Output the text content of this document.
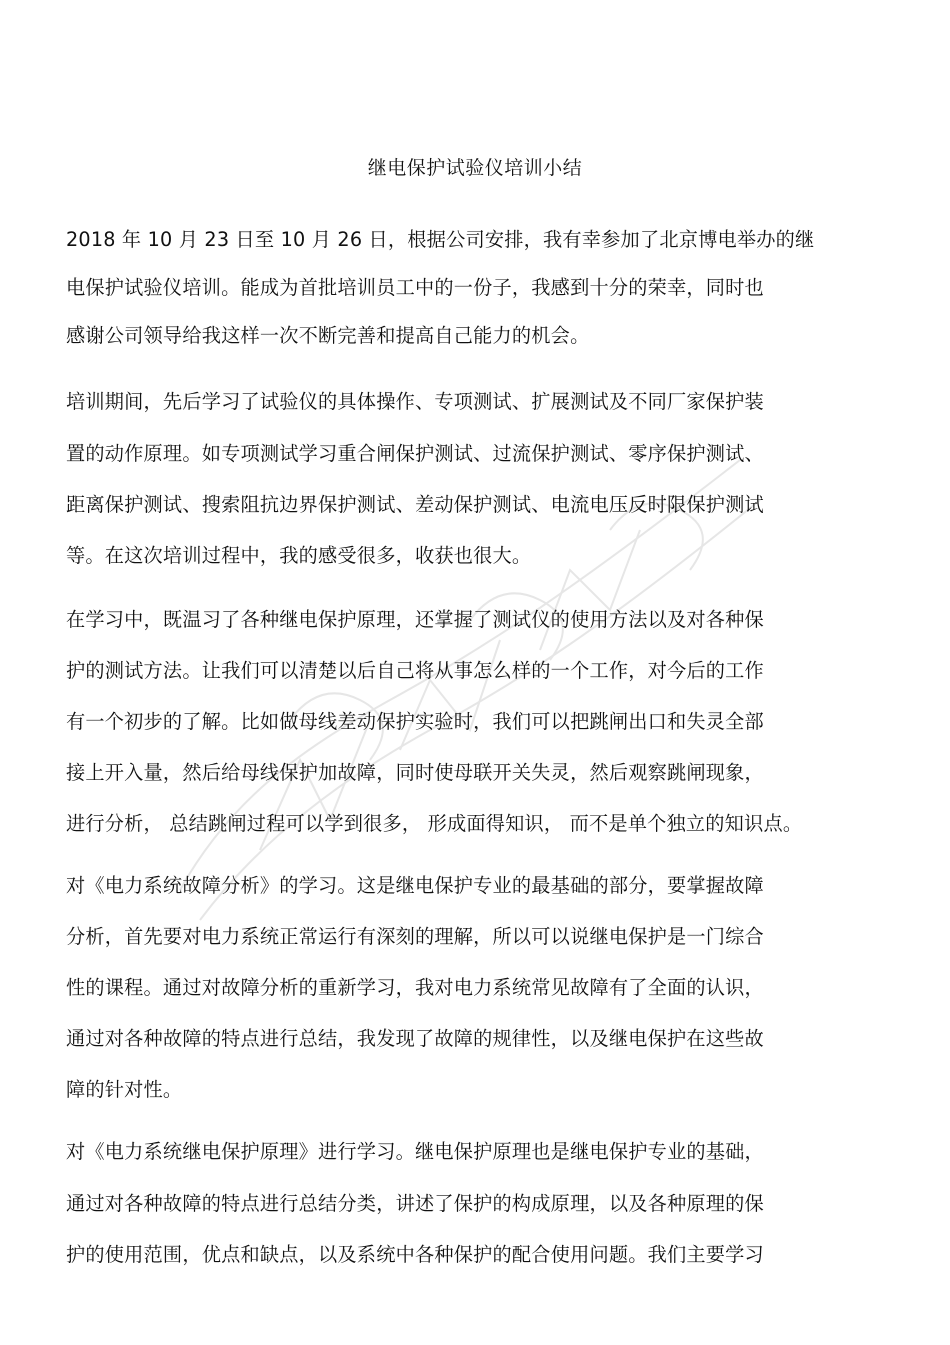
继电保护试验仪培训小结
2018 年 10 月 23 日至 10 月 26 日，根据公司安排，我有幸参加了北京博电举办的继
电保护试验仪培训。能成为首批培训员工中的一份子，我感到十分的荣幸，同时也
感谢公司领导给我这样一次不断完善和提高自己能力的机会。
培训期间，先后学习了试验仪的具体操作、专项测试、扩展测试及不同厂家保护装
置的动作原理。如专项测试学习重合闸保护测试、过流保护测试、零序保护测试、
距离保护测试、搜索阻抗边界保护测试、差动保护测试、电流电压反时限保护测试
等。在这次培训过程中，我的感受很多，收获也很大。
在学习中，既温习了各种继电保护原理，还掌握了测试仪的使用方法以及对各种保
护的测试方法。让我们可以清楚以后自己将从事怎么样的一个工作，对今后的工作
有一个初步的了解。比如做母线差动保护实验时，我们可以把跳闸出口和失灵全部
接上开入量，然后给母线保护加故障，同时使母联开关失灵，然后观察跳闸现象，
进行分析， 总结跳闸过程可以学到很多， 形成面得知识， 而不是单个独立的知识点。
对《电力系统故障分析》的学习。这是继电保护专业的最基础的部分，要掌握故障
分析，首先要对电力系统正常运行有深刻的理解，所以可以说继电保护是一门综合
性的课程。通过对故障分析的重新学习，我对电力系统常见故障有了全面的认识，
通过对各种故障的特点进行总结，我发现了故障的规律性，以及继电保护在这些故
障的针对性。
对《电力系统继电保护原理》进行学习。继电保护原理也是继电保护专业的基础，
通过对各种故障的特点进行总结分类，讲述了保护的构成原理，以及各种原理的保
护的使用范围，优点和缺点，以及系统中各种保护的配合使用问题。我们主要学习
